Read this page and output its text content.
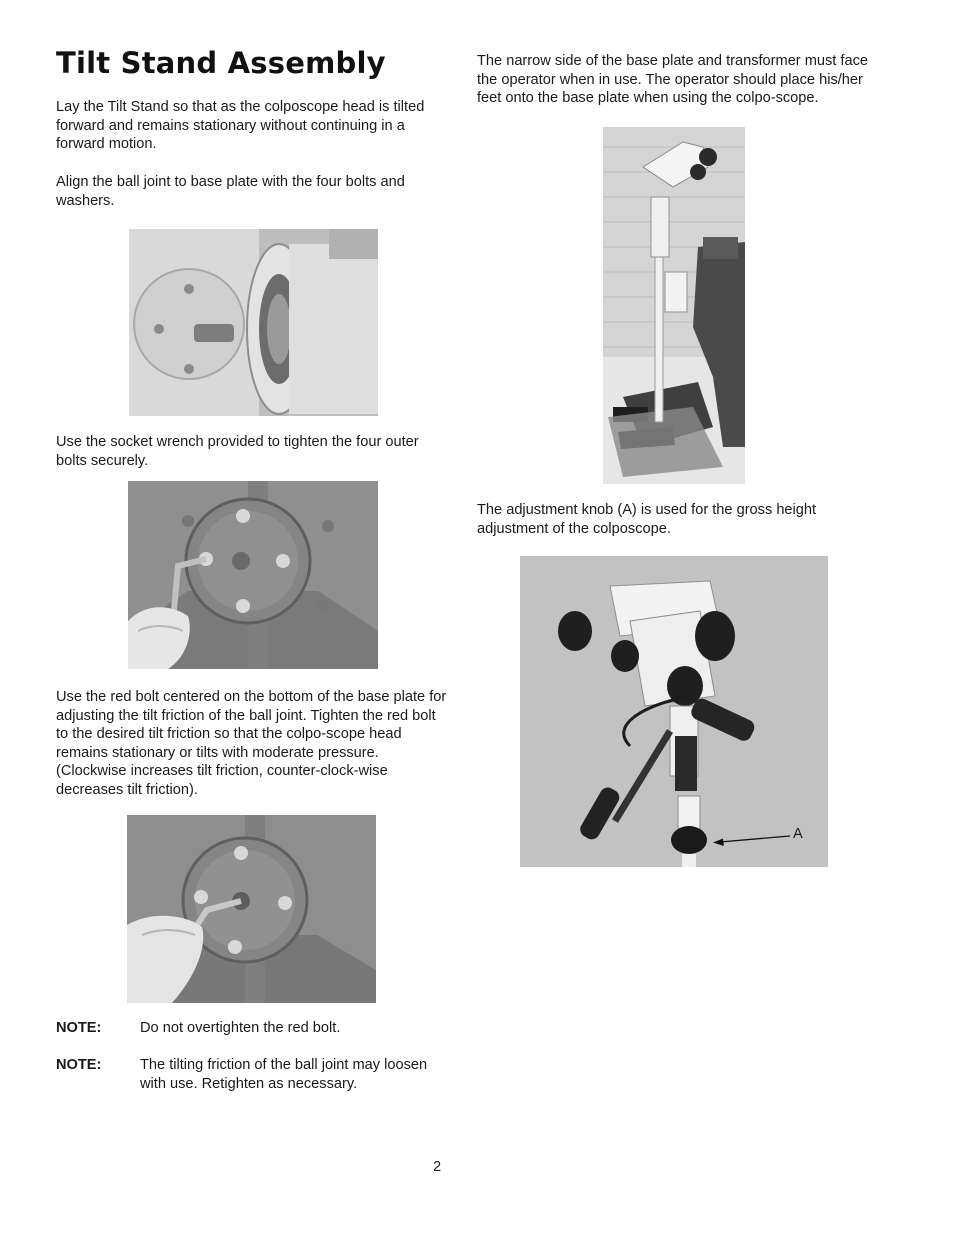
Tilt Stand Assembly
Lay the Tilt Stand so that as the colposcope head is tilted forward and remains stationary without continuing in a forward motion.
Align the ball joint to base plate with the four bolts and washers.
Use the socket wrench provided to tighten the four outer bolts securely.
Use the red bolt centered on the bottom of the base plate for adjusting the tilt friction of the ball joint. Tighten the red bolt to the desired tilt friction so that the colpo-scope head remains stationary or tilts with moderate pressure. (Clockwise increases tilt friction, counter-clock-wise decreases tilt friction).
NOTE:	Do not overtighten the red bolt.
NOTE:	The tilting friction of the ball joint may loosen with use. Retighten as necessary.
The narrow side of the base plate and transformer must face the operator when in use. The operator should place his/her feet onto the base plate when using the colpo-scope.
The adjustment knob (A) is used for the gross height adjustment of the colposcope.
A
2
